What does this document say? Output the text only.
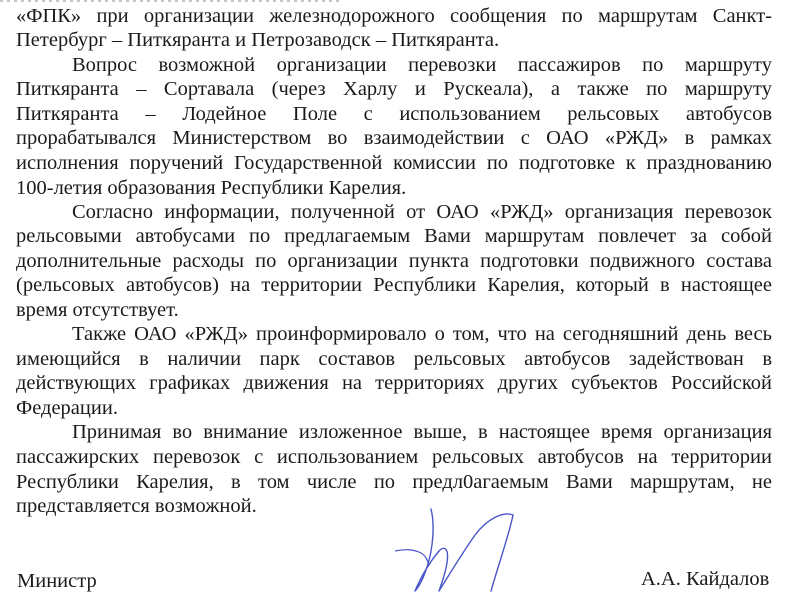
«ФПК» при организации железнодорожного сообщения по маршрутам Санкт-
Петербург – Питкяранта и Петрозаводск – Питкяранта.
Вопрос возможной организации перевозки пассажиров по маршруту
Питкяранта – Сортавала (через Харлу и Рускеала), а также по маршруту
Питкяранта – Лодейное Поле с использованием рельсовых автобусов
прорабатывался Министерством во взаимодействии с ОАО «РЖД» в рамках
исполнения поручений Государственной комиссии по подготовке к празднованию
100-летия образования Республики Карелия.
Согласно информации, полученной от ОАО «РЖД» организация перевозок
рельсовыми автобусами по предлагаемым Вами маршрутам повлечет за собой
дополнительные расходы по организации пункта подготовки подвижного состава
(рельсовых автобусов) на территории Республики Карелия, который в настоящее
время отсутствует.
Также ОАО «РЖД» проинформировало о том, что на сегодняшний день весь
имеющийся в наличии парк составов рельсовых автобусов задействован в
действующих графиках движения на территориях других субъектов Российской
Федерации.
Принимая во внимание изложенное выше, в настоящее время организация
пассажирских перевозок с использованием рельсовых автобусов на территории
Республики Карелия, в том числе по предл0агаемым Вами маршрутам, не
представляется возможной.
Министр	А.А. Кайдалов
